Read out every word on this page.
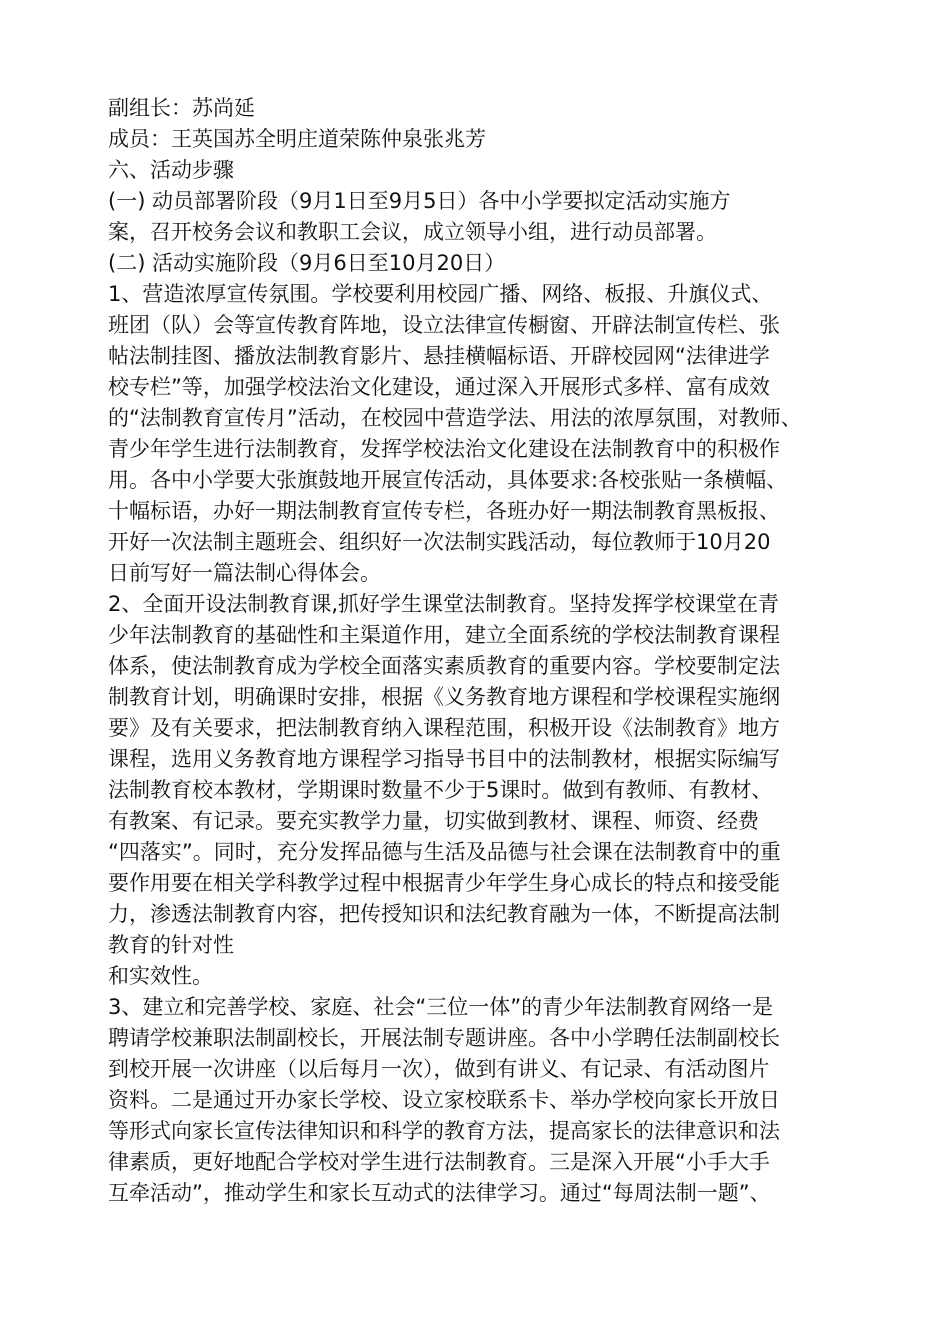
副组长：苏尚延
成员：王英国苏全明庄道荣陈仲泉张兆芳
六、活动步骤
(一) 动员部署阶段（9月1日至9月5日）各中小学要拟定活动实施方
案，召开校务会议和教职工会议，成立领导小组，进行动员部署。
(二) 活动实施阶段（9月6日至10月20日）
1、营造浓厚宣传氛围。学校要利用校园广播、网络、板报、升旗仪式、
班团（队）会等宣传教育阵地，设立法律宣传橱窗、开辟法制宣传栏、张
帖法制挂图、播放法制教育影片、悬挂横幅标语、开辟校园网“法律进学
校专栏”等，加强学校法治文化建设，通过深入开展形式多样、富有成效
的“法制教育宣传月”活动，在校园中营造学法、用法的浓厚氛围，对教师、
青少年学生进行法制教育，发挥学校法治文化建设在法制教育中的积极作
用。各中小学要大张旗鼓地开展宣传活动，具体要求:各校张贴一条横幅、
十幅标语，办好一期法制教育宣传专栏，各班办好一期法制教育黑板报、
开好一次法制主题班会、组织好一次法制实践活动，每位教师于10月20
日前写好一篇法制心得体会。
2、全面开设法制教育课,抓好学生课堂法制教育。坚持发挥学校课堂在青
少年法制教育的基础性和主渠道作用，建立全面系统的学校法制教育课程
体系，使法制教育成为学校全面落实素质教育的重要内容。学校要制定法
制教育计划，明确课时安排，根据《义务教育地方课程和学校课程实施纲
要》及有关要求，把法制教育纳入课程范围，积极开设《法制教育》地方
课程，选用义务教育地方课程学习指导书目中的法制教材，根据实际编写
法制教育校本教材，学期课时数量不少于5课时。做到有教师、有教材、
有教案、有记录。要充实教学力量，切实做到教材、课程、师资、经费
“四落实”。同时，充分发挥品德与生活及品德与社会课在法制教育中的重
要作用要在相关学科教学过程中根据青少年学生身心成长的特点和接受能
力，渗透法制教育内容，把传授知识和法纪教育融为一体，不断提高法制
教育的针对性
和实效性。
3、建立和完善学校、家庭、社会“三位一体”的青少年法制教育网络一是
聘请学校兼职法制副校长，开展法制专题讲座。各中小学聘任法制副校长
到校开展一次讲座（以后每月一次），做到有讲义、有记录、有活动图片
资料。二是通过开办家长学校、设立家校联系卡、举办学校向家长开放日
等形式向家长宣传法律知识和科学的教育方法，提高家长的法律意识和法
律素质，更好地配合学校对学生进行法制教育。三是深入开展“小手大手
互牵活动”，推动学生和家长互动式的法律学习。通过“每周法制一题”、
